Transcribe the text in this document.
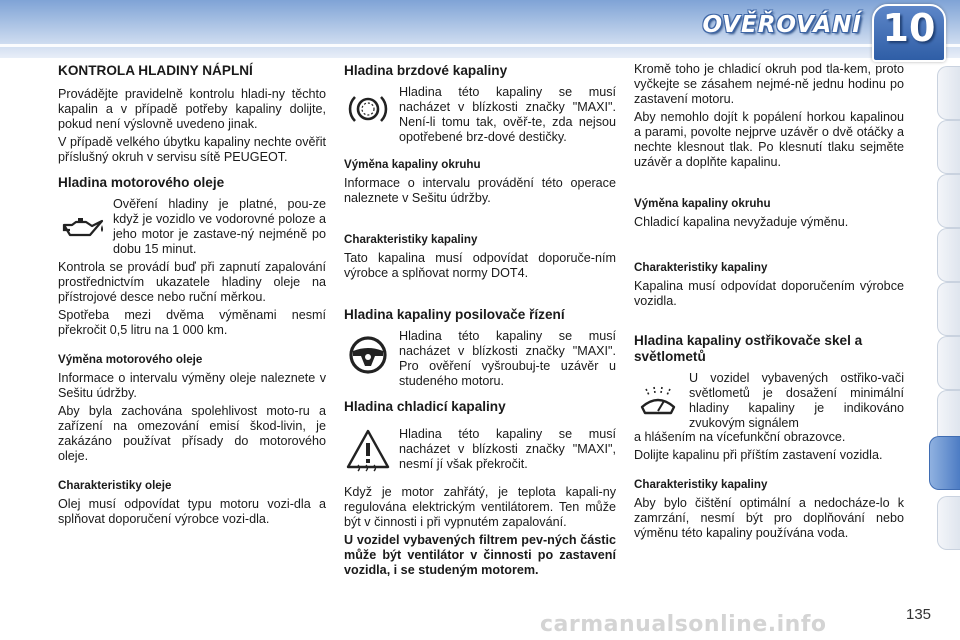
OVĚŘOVÁNÍ 10
KONTROLA HLADINY NÁPLNÍ

Provádějte pravidelně kontrolu hladi-ny těchto kapalin a v případě potřeby kapaliny dolijte, pokud není výslovně uvedeno jinak.

V případě velkého úbytku kapaliny nechte ověřit příslušný okruh v servisu sítě PEUGEOT.

Hladina motorového oleje

Ověření hladiny je platné, pou-ze když je vozidlo ve vodorovné poloze a jeho motor je zastave-ný nejméně po dobu 15 minut.

Kontrola se provádí buď při zapnutí zapalování prostřednictvím ukazatele hladiny oleje na přístrojové desce nebo ruční měrkou.

Spotřeba mezi dvěma výměnami nesmí překročit 0,5 litru na 1 000 km.

Výměna motorového oleje

Informace o intervalu výměny oleje naleznete v Sešitu údržby.

Aby byla zachována spolehlivost moto-ru a zařízení na omezování emisí škod-livin, je zakázáno používat přísady do motorového oleje.

Charakteristiky oleje

Olej musí odpovídat typu motoru vozi-dla a splňovat doporučení výrobce vozi-dla.

Hladina brzdové kapaliny

Hladina této kapaliny se musí nacházet v blízkosti značky "MAXI". Není-li tomu tak, ověř-te, zda nejsou opotřebené brz-dové destičky.

Výměna kapaliny okruhu

Informace o intervalu provádění této operace naleznete v Sešitu údržby.

Charakteristiky kapaliny

Tato kapalina musí odpovídat doporuče-ním výrobce a splňovat normy DOT4.

Hladina kapaliny posilovače řízení

Hladina této kapaliny se musí nacházet v blízkosti značky "MAXI". Pro ověření vyšroubuj-te uzávěr u studeného motoru.

Hladina chladicí kapaliny

Hladina této kapaliny se musí nacházet v blízkosti značky "MAXI", nesmí jí však překročit.

Když je motor zahřátý, je teplota kapali-ny regulována elektrickým ventilátorem. Ten může být v činnosti i při vypnutém zapalování.

U vozidel vybavených filtrem pev-ných částic může být ventilátor v činnosti po zastavení vozidla, i se studeným motorem.

Kromě toho je chladicí okruh pod tla-kem, proto vyčkejte se zásahem nejmé-ně jednu hodinu po zastavení motoru.

Aby nemohlo dojít k popálení horkou kapalinou a parami, povolte nejprve uzávěr o dvě otáčky a nechte klesnout tlak. Po klesnutí tlaku sejměte uzávěr a doplňte kapalinu.

Výměna kapaliny okruhu

Chladicí kapalina nevyžaduje výměnu.

Charakteristiky kapaliny

Kapalina musí odpovídat doporučením výrobce vozidla.

Hladina kapaliny ostřikovače skel a světlometů

U vozidel vybavených ostřiko-vači světlometů je dosažení minimální hladiny kapaliny je indikováno zvukovým signálem

a hlášením na vícefunkční obrazovce.

Dolijte kapalinu při příštím zastavení vozidla.

Charakteristiky kapaliny

Aby bylo čištění optimální a nedocháze-lo k zamrzání, nesmí být pro doplňování nebo výměnu této kapaliny používána voda.

carmanualsonline.info	135
